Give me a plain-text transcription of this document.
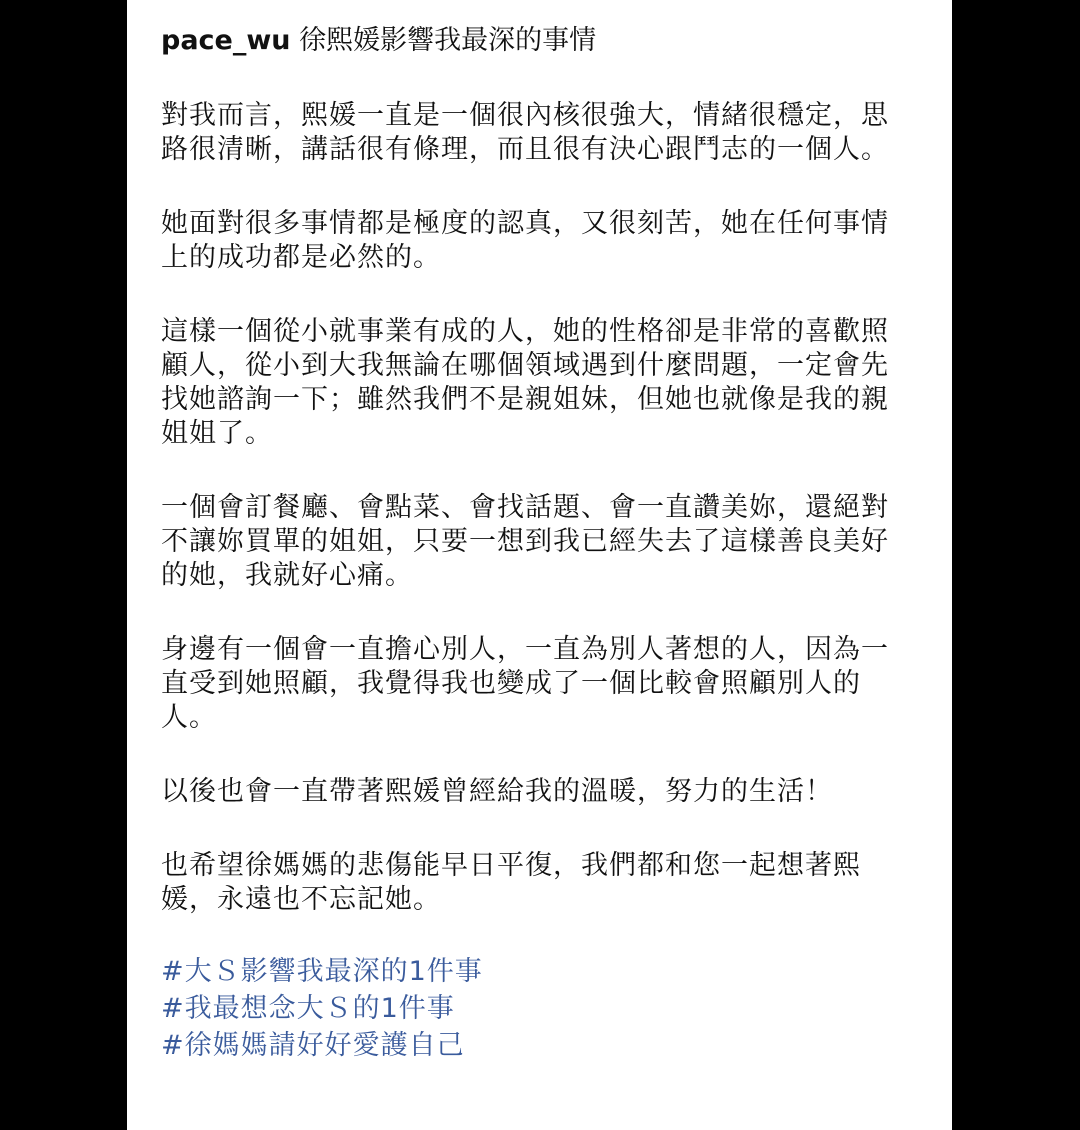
pace_wu 徐熙媛影響我最深的事情

對我而言，熙媛一直是一個很內核很強大，情緒很穩定，思路很清晰，講話很有條理，而且很有決心跟鬥志的一個人。

她面對很多事情都是極度的認真，又很刻苦，她在任何事情上的成功都是必然的。

這樣一個從小就事業有成的人，她的性格卻是非常的喜歡照顧人，從小到大我無論在哪個領域遇到什麼問題，一定會先找她諮詢一下；雖然我們不是親姐妹，但她也就像是我的親姐姐了。

一個會訂餐廳、會點菜、會找話題、會一直讚美妳，還絕對不讓妳買單的姐姐，只要一想到我已經失去了這樣善良美好的她，我就好心痛。

身邊有一個會一直擔心別人，一直為別人著想的人，因為一直受到她照顧，我覺得我也變成了一個比較會照顧別人的人。

以後也會一直帶著熙媛曾經給我的溫暖，努力的生活！

也希望徐媽媽的悲傷能早日平復，我們都和您一起想著熙媛，永遠也不忘記她。

#大Ｓ影響我最深的1件事
#我最想念大Ｓ的1件事
#徐媽媽請好好愛護自己
